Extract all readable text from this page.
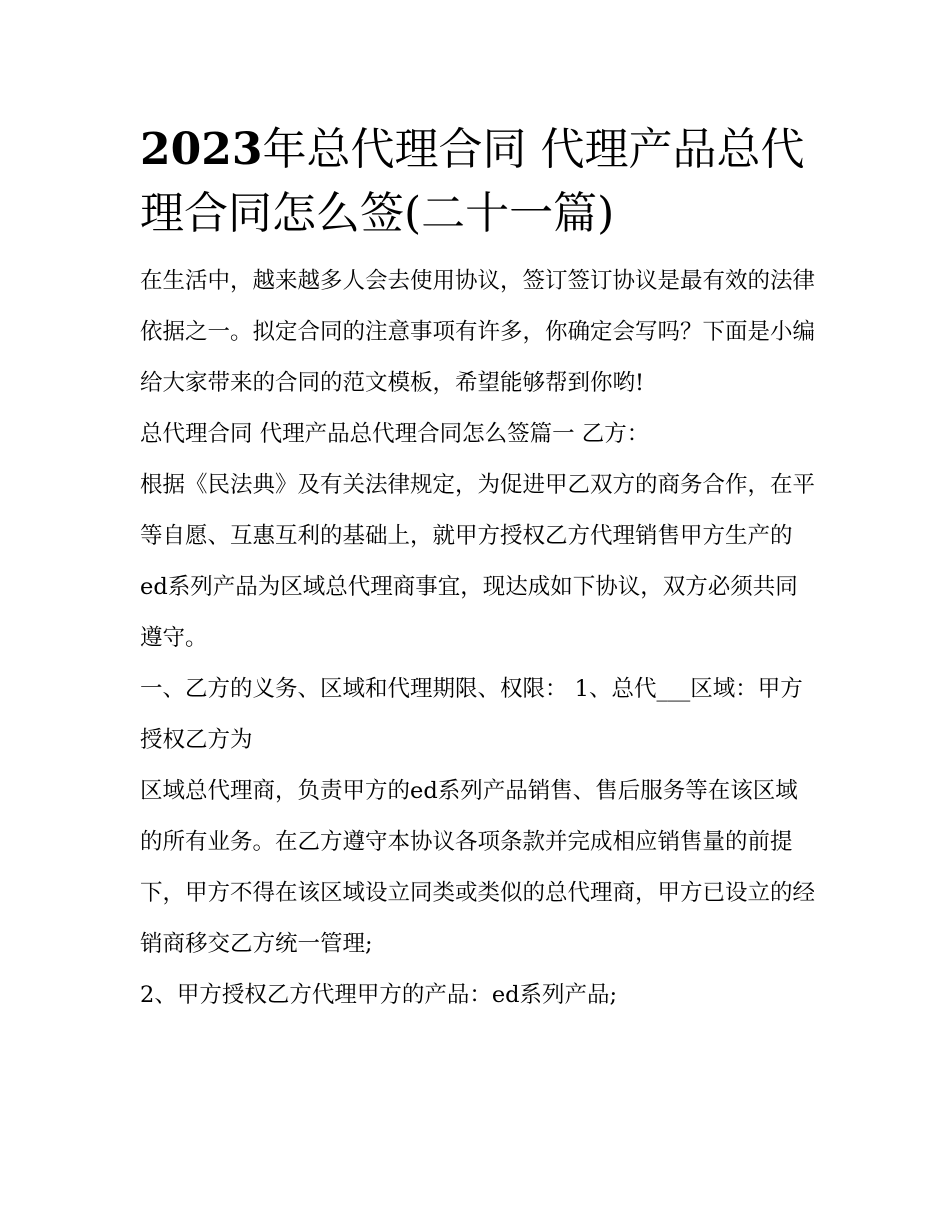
2023年总代理合同 代理产品总代理合同怎么签(二十一篇)

在生活中，越来越多人会去使用协议，签订签订协议是最有效的法律依据之一。拟定合同的注意事项有许多，你确定会写吗？下面是小编给大家带来的合同的范文模板，希望能够帮到你哟!

总代理合同 代理产品总代理合同怎么签篇一 乙方：

根据《民法典》及有关法律规定，为促进甲乙双方的商务合作，在平等自愿、互惠互利的基础上，就甲方授权乙方代理销售甲方生产的ed系列产品为区域总代理商事宜，现达成如下协议，双方必须共同遵守。

一、乙方的义务、区域和代理期限、权限： 1、总代___区域：甲方授权乙方为

区域总代理商，负责甲方的ed系列产品销售、售后服务等在该区域的所有业务。在乙方遵守本协议各项条款并完成相应销售量的前提下，甲方不得在该区域设立同类或类似的总代理商，甲方已设立的经销商移交乙方统一管理;

2、甲方授权乙方代理甲方的产品：ed系列产品;
